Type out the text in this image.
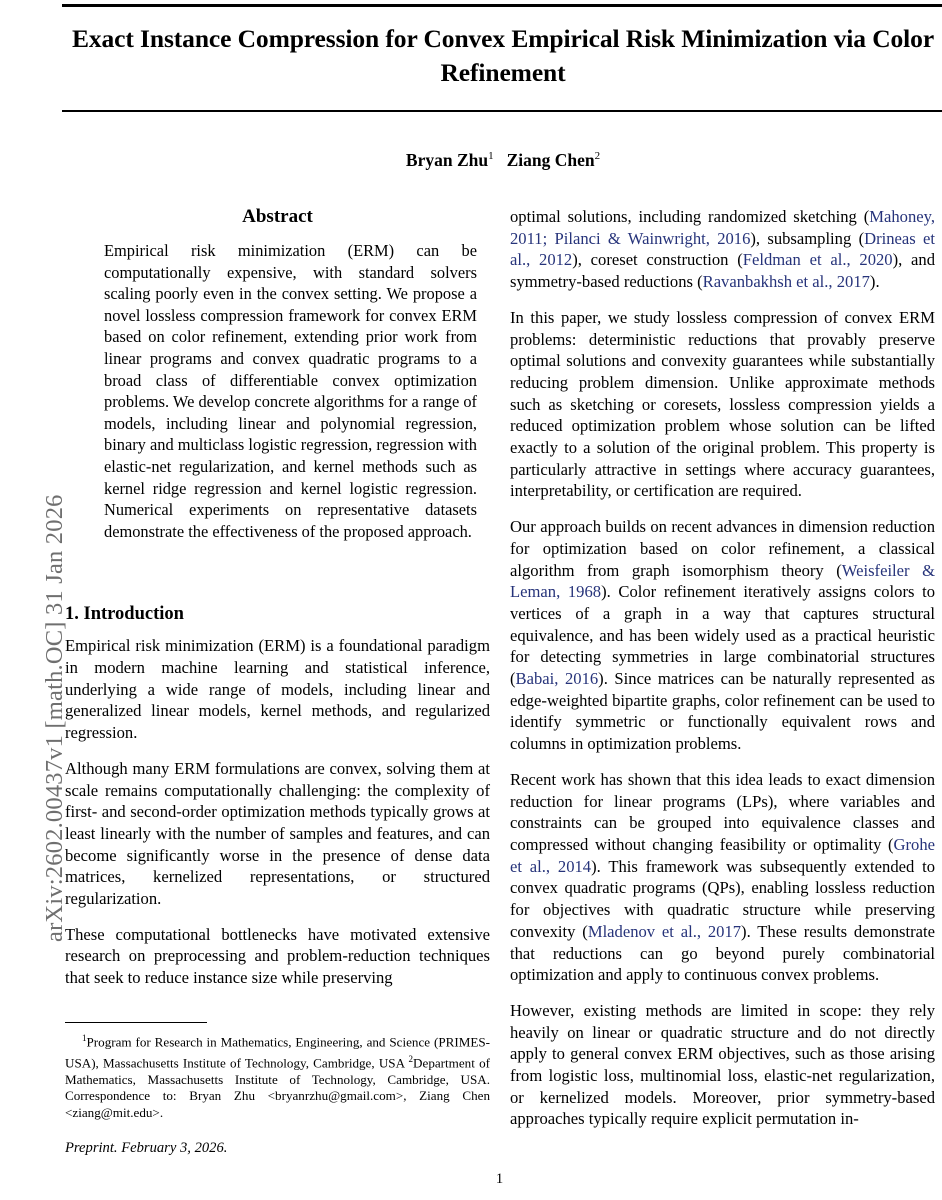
arXiv:2602.00437v1 [math.OC] 31 Jan 2026
Exact Instance Compression for Convex Empirical Risk Minimization via Color Refinement
Bryan Zhu$^1$ Ziang Chen$^2$
Abstract

Empirical risk minimization (ERM) can be computationally expensive, with standard solvers scaling poorly even in the convex setting. We propose a novel lossless compression framework for convex ERM based on color refinement, extending prior work from linear programs and convex quadratic programs to a broad class of differentiable convex optimization problems. We develop concrete algorithms for a range of models, including linear and polynomial regression, binary and multiclass logistic regression, regression with elastic-net regularization, and kernel methods such as kernel ridge regression and kernel logistic regression. Numerical experiments on representative datasets demonstrate the effectiveness of the proposed approach.

1. Introduction

Empirical risk minimization (ERM) is a foundational paradigm in modern machine learning and statistical inference, underlying a wide range of models, including linear and generalized linear models, kernel methods, and regularized regression.

Although many ERM formulations are convex, solving them at scale remains computationally challenging: the complexity of first- and second-order optimization methods typically grows at least linearly with the number of samples and features, and can become significantly worse in the presence of dense data matrices, kernelized representations, or structured regularization.

These computational bottlenecks have motivated extensive research on preprocessing and problem-reduction techniques that seek to reduce instance size while preserving

optimal solutions, including randomized sketching (Mahoney, 2011; Pilanci & Wainwright, 2016), subsampling (Drineas et al., 2012), coreset construction (Feldman et al., 2020), and symmetry-based reductions (Ravanbakhsh et al., 2017).

In this paper, we study lossless compression of convex ERM problems: deterministic reductions that provably preserve optimal solutions and convexity guarantees while substantially reducing problem dimension. Unlike approximate methods such as sketching or coresets, lossless compression yields a reduced optimization problem whose solution can be lifted exactly to a solution of the original problem. This property is particularly attractive in settings where accuracy guarantees, interpretability, or certification are required.

Our approach builds on recent advances in dimension reduction for optimization based on color refinement, a classical algorithm from graph isomorphism theory (Weisfeiler & Leman, 1968). Color refinement iteratively assigns colors to vertices of a graph in a way that captures structural equivalence, and has been widely used as a practical heuristic for detecting symmetries in large combinatorial structures (Babai, 2016). Since matrices can be naturally represented as edge-weighted bipartite graphs, color refinement can be used to identify symmetric or functionally equivalent rows and columns in optimization problems.

Recent work has shown that this idea leads to exact dimension reduction for linear programs (LPs), where variables and constraints can be grouped into equivalence classes and compressed without changing feasibility or optimality (Grohe et al., 2014). This framework was subsequently extended to convex quadratic programs (QPs), enabling lossless reduction for objectives with quadratic structure while preserving convexity (Mladenov et al., 2017). These results demonstrate that reductions can go beyond purely combinatorial optimization and apply to continuous convex problems.

However, existing methods are limited in scope: they rely heavily on linear or quadratic structure and do not directly apply to general convex ERM objectives, such as those arising from logistic loss, multinomial loss, elastic-net regularization, or kernelized models. Moreover, prior symmetry-based approaches typically require explicit permutation in-

$^1$Program for Research in Mathematics, Engineering, and Science (PRIMES-USA), Massachusetts Institute of Technology, Cambridge, USA $^2$Department of Mathematics, Massachusetts Institute of Technology, Cambridge, USA. Correspondence to: Bryan Zhu <bryanrzhu@gmail.com>, Ziang Chen <ziang@mit.edu>.

Preprint. February 3, 2026.
1
